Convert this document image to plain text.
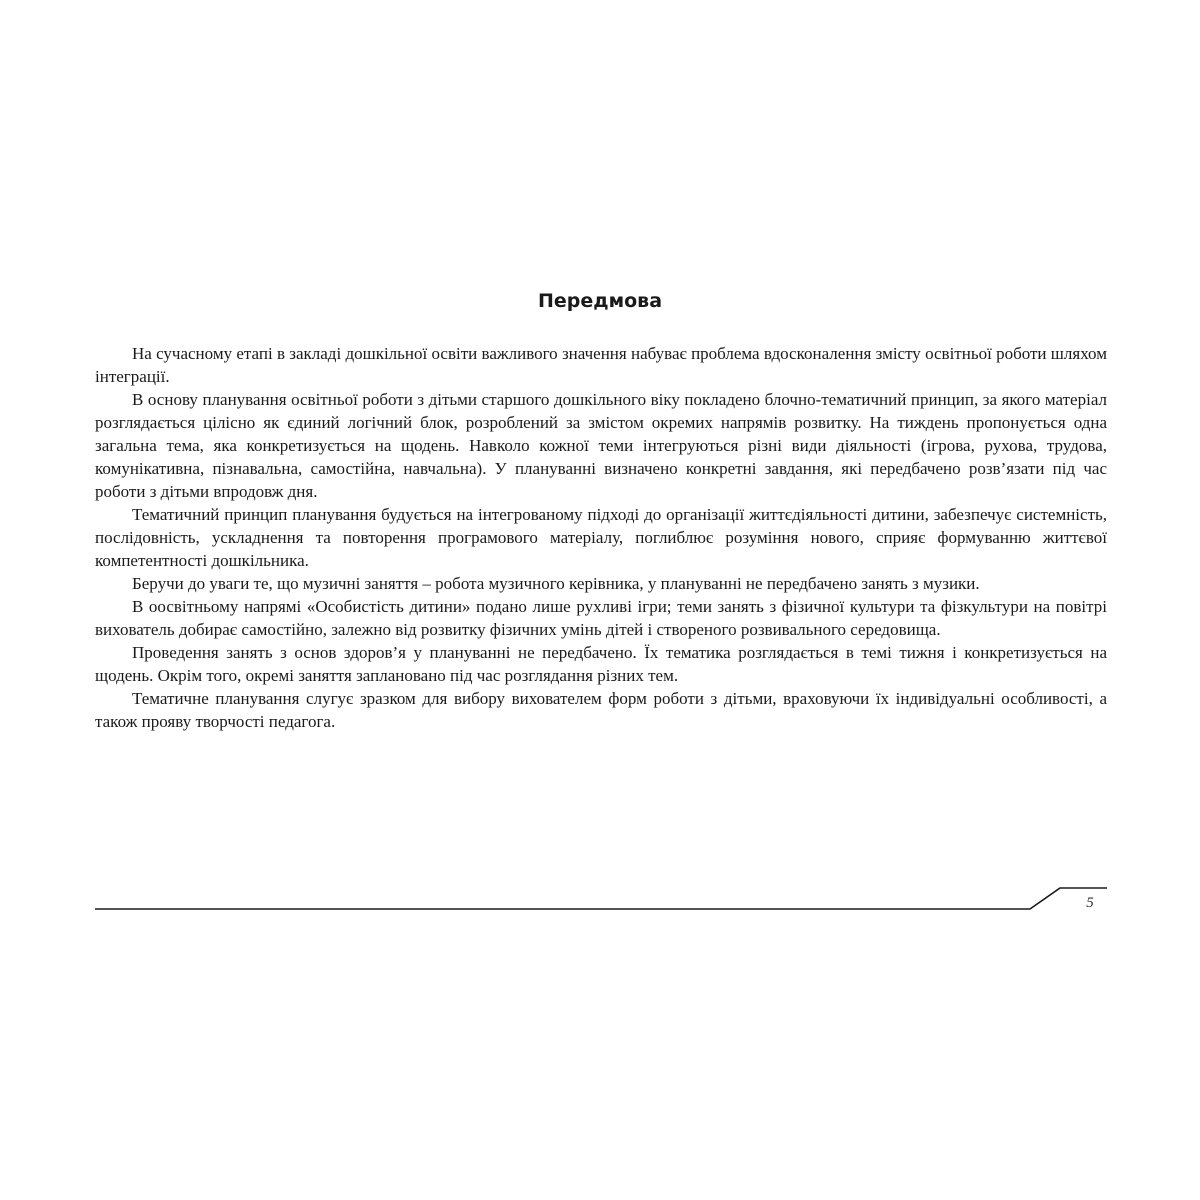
Передмова

На сучасному етапі в закладі дошкільної освіти важливого значення набуває проблема вдосконалення змісту освітньої роботи шляхом інтеграції.

В основу планування освітньої роботи з дітьми старшого дошкільного віку покладено блочно-тематичний принцип, за якого матеріал розглядається цілісно як єдиний логічний блок, розроблений за змістом окремих напрямів розвитку. На тиждень пропонується одна загальна тема, яка конкретизується на щодень. Навколо кожної теми інтегруються різні види діяльності (ігрова, рухова, трудова, комунікативна, пізнавальна, самостійна, навчальна). У плануванні визначено конкретні завдання, які передбачено розв’язати під час роботи з дітьми впродовж дня.

Тематичний принцип планування будується на інтегрованому підході до організації життєдіяльності дитини, забезпечує системність, послідовність, ускладнення та повторення програмового матеріалу, поглиблює розуміння нового, сприяє формуванню життєвої компетентності дошкільника.

Беручи до уваги те, що музичні заняття – робота музичного керівника, у плануванні не передбачено занять з музики.

В оосвітньому напрямі «Особистість дитини» подано лише рухливі ігри; теми занять з фізичної культури та фізкультури на повітрі вихователь добирає самостійно, залежно від розвитку фізичних умінь дітей і створеного розвивального середовища.

Проведення занять з основ здоров’я у плануванні не передбачено. Їх тематика розглядається в темі тижня і конкретизується на щодень. Окрім того, окремі заняття заплановано під час розглядання різних тем.

Тематичне планування слугує зразком для вибору вихователем форм роботи з дітьми, враховуючи їх індивідуальні особливості, а також прояву творчості педагога.

5
